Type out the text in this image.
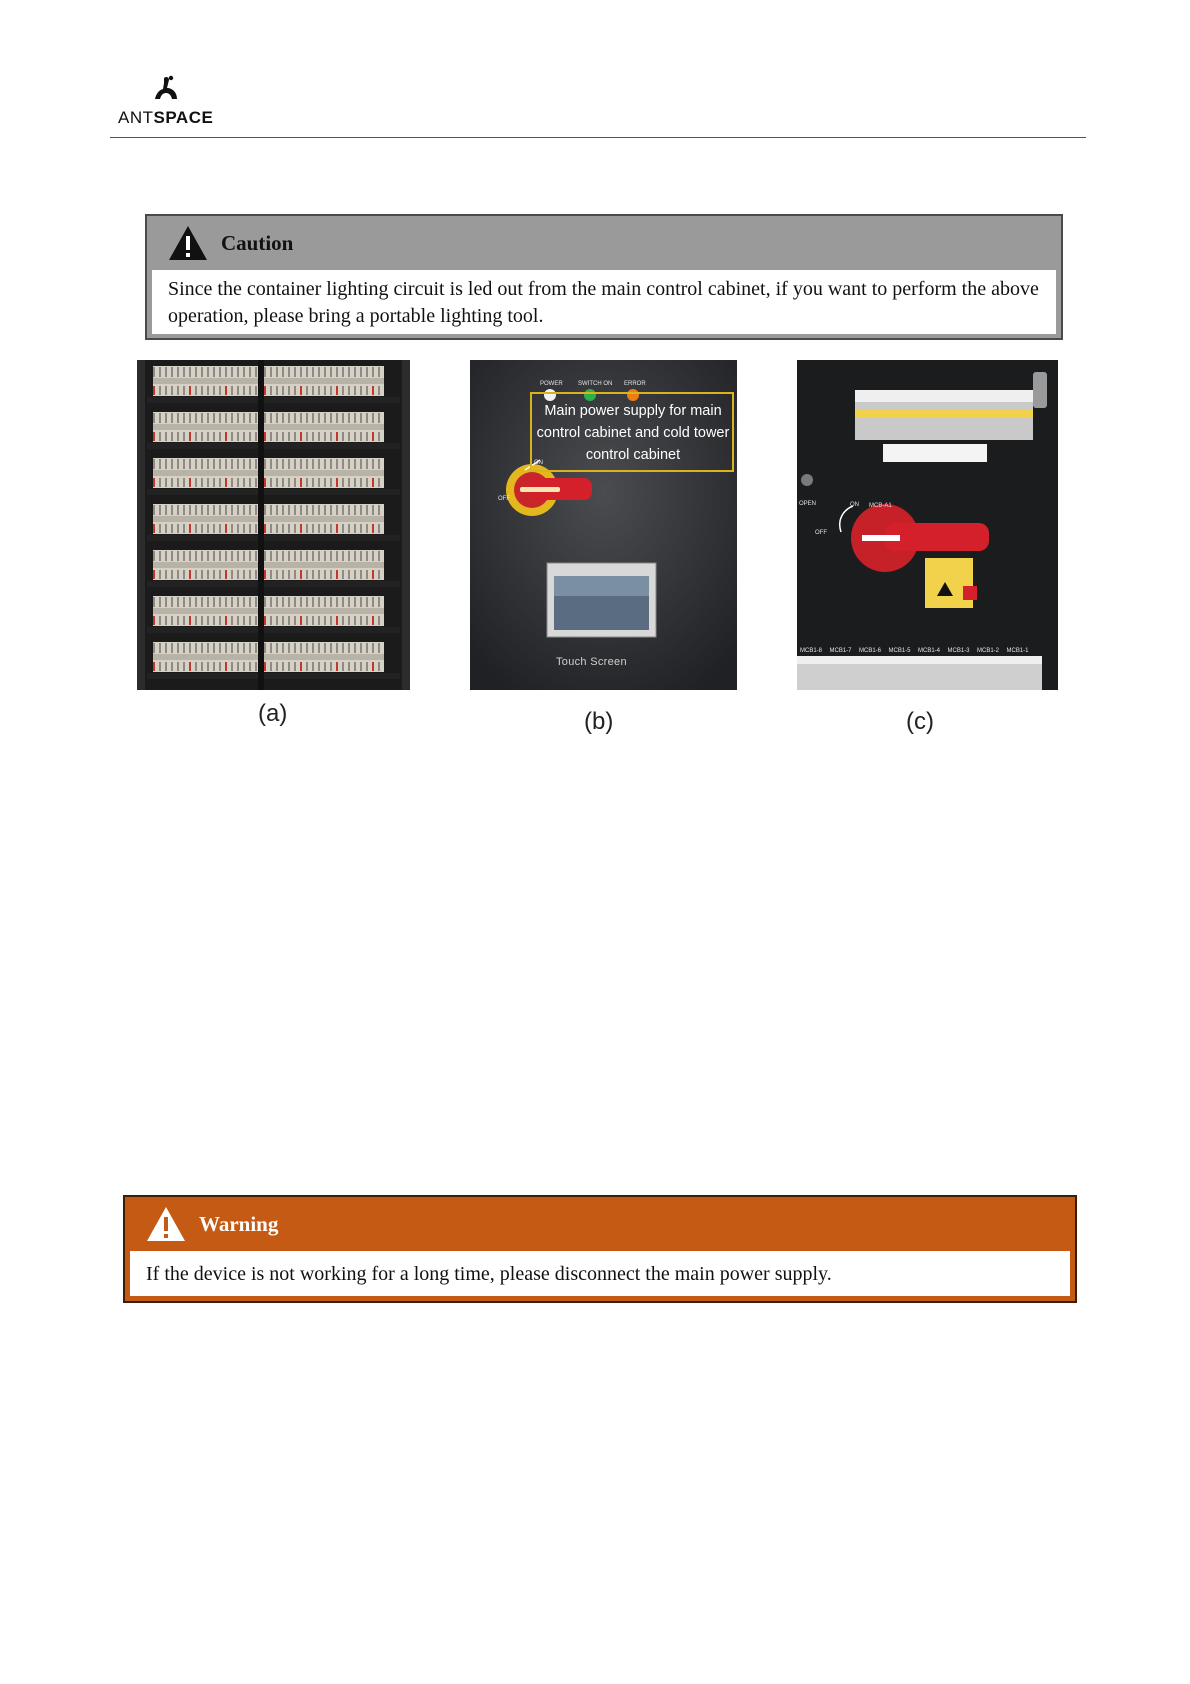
ANTSPACE
Caution
Since the container lighting circuit is led out from the main control cabinet, if you want to perform the above operation, please bring a portable lighting tool.
(a)
POWER	SWITCH ON ERROR
ON
OFF
Main power supply for main control cabinet and cold tower control cabinet
Touch Screen
(b)
OPEN	ON
OFF
MCB-A1
MCB1-8 MCB1-7 MCB1-6 MCB1-5 MCB1-4 MCB1-3 MCB1-2 MCB1-1
(c)
Warning
If the device is not working for a long time, please disconnect the main power supply.
